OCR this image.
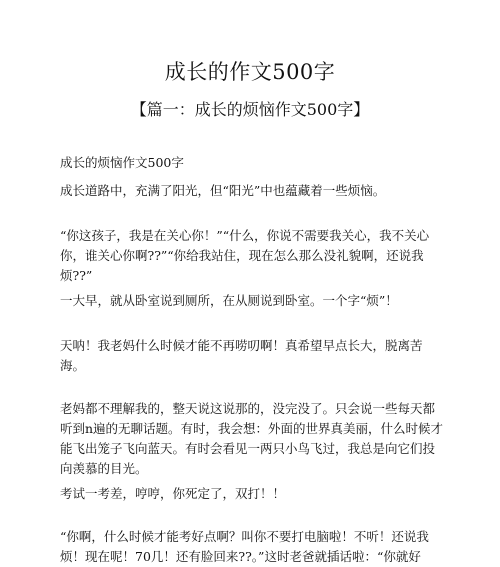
成长的作文500字
【篇一：成长的烦恼作文500字】

成长的烦恼作文500字

成长道路中，充满了阳光，但“阳光”中也蕴藏着一些烦恼。

“你这孩子，我是在关心你！”“什么，你说不需要我关心，我不关心你，谁关心你啊??”“你给我站住，现在怎么那么没礼貌啊，还说我烦??”

一大早，就从卧室说到厕所，在从厕说到卧室。一个字“烦”！

天呐！我老妈什么时候才能不再唠叨啊！真希望早点长大，脱离苦海。

老妈都不理解我的，整天说这说那的，没完没了。只会说一些每天都听到n遍的无聊话题。有时，我会想：外面的世界真美丽，什么时候才能飞出笼子飞向蓝天。有时会看见一两只小鸟飞过，我总是向它们投向羡慕的目光。

考试一考差，哼哼，你死定了，双打！！

“你啊，什么时候才能考好点啊？叫你不要打电脑啦！不听！还说我烦！现在呢！70几！还有脸回来??。”这时老爸就插话啦：“你就好
